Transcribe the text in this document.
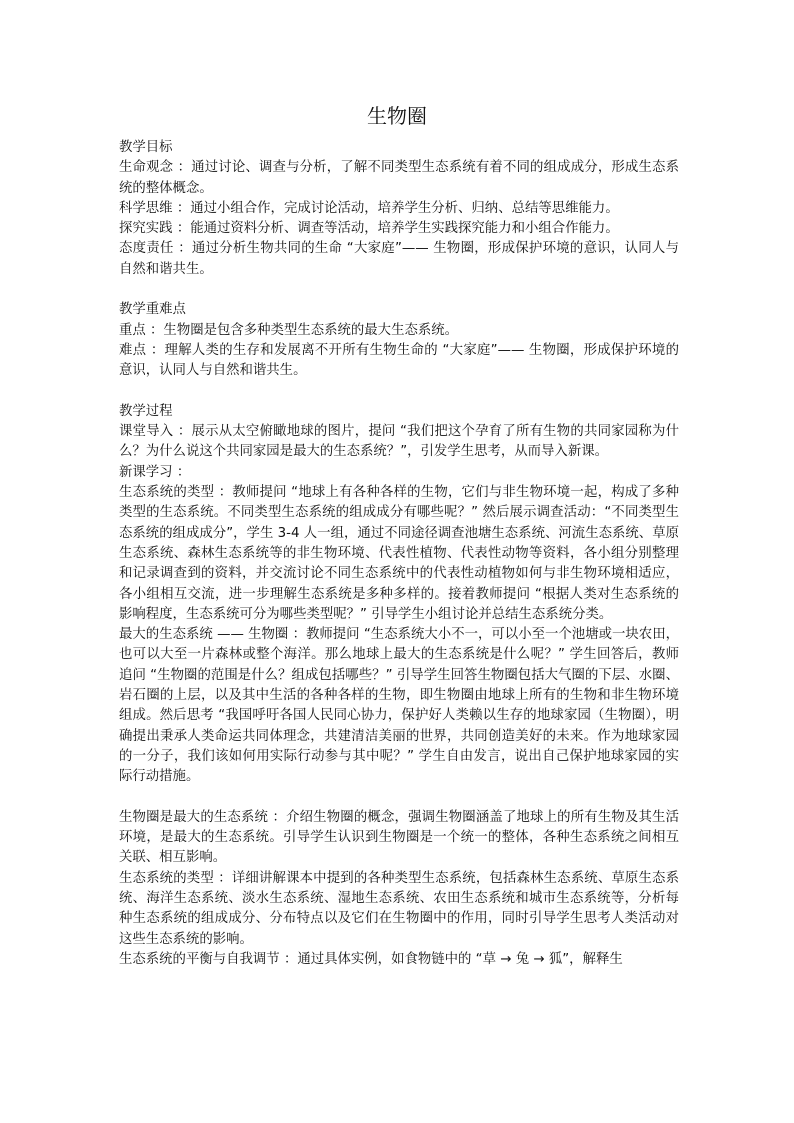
生物圈

教学目标

生命观念 ：通过讨论、调查与分析，了解不同类型生态系统有着不同的组成成分，形成生态系统的整体概念。

科学思维 ：通过小组合作，完成讨论活动，培养学生分析、归纳、总结等思维能力。

探究实践 ：能通过资料分析、调查等活动，培养学生实践探究能力和小组合作能力。

态度责任 ：通过分析生物共同的生命 “大家庭”—— 生物圈，形成保护环境的意识，认同人与自然和谐共生。

教学重难点

重点 ：生物圈是包含多种类型生态系统的最大生态系统。

难点 ：理解人类的生存和发展离不开所有生物生命的 “大家庭”—— 生物圈，形成保护环境的意识，认同人与自然和谐共生。

教学过程

课堂导入 ：展示从太空俯瞰地球的图片，提问 “我们把这个孕育了所有生物的共同家园称为什么？为什么说这个共同家园是最大的生态系统？”，引发学生思考，从而导入新课。

新课学习 ：

生态系统的类型 ：教师提问 “地球上有各种各样的生物，它们与非生物环境一起，构成了多种类型的生态系统。不同类型生态系统的组成成分有哪些呢？” 然后展示调查活动：“不同类型生态系统的组成成分”，学生 3-4 人一组，通过不同途径调查池塘生态系统、河流生态系统、草原生态系统、森林生态系统等的非生物环境、代表性植物、代表性动物等资料，各小组分别整理和记录调查到的资料，并交流讨论不同生态系统中的代表性动植物如何与非生物环境相适应，各小组相互交流，进一步理解生态系统是多种多样的。接着教师提问 “根据人类对生态系统的影响程度，生态系统可分为哪些类型呢？” 引导学生小组讨论并总结生态系统分类。

最大的生态系统 —— 生物圈 ：教师提问 “生态系统大小不一，可以小至一个池塘或一块农田，也可以大至一片森林或整个海洋。那么地球上最大的生态系统是什么呢？” 学生回答后，教师追问 “生物圈的范围是什么？组成包括哪些？” 引导学生回答生物圈包括大气圈的下层、水圈、岩石圈的上层，以及其中生活的各种各样的生物，即生物圈由地球上所有的生物和非生物环境组成。然后思考 “我国呼吁各国人民同心协力，保护好人类赖以生存的地球家园（生物圈），明确提出秉承人类命运共同体理念，共建清洁美丽的世界，共同创造美好的未来。作为地球家园的一分子，我们该如何用实际行动参与其中呢？” 学生自由发言，说出自己保护地球家园的实际行动措施。

生物圈是最大的生态系统 ：介绍生物圈的概念，强调生物圈涵盖了地球上的所有生物及其生活环境，是最大的生态系统。引导学生认识到生物圈是一个统一的整体，各种生态系统之间相互关联、相互影响。

生态系统的类型 ：详细讲解课本中提到的各种类型生态系统，包括森林生态系统、草原生态系统、海洋生态系统、淡水生态系统、湿地生态系统、农田生态系统和城市生态系统等，分析每种生态系统的组成成分、分布特点以及它们在生物圈中的作用，同时引导学生思考人类活动对这些生态系统的影响。

生态系统的平衡与自我调节 ：通过具体实例，如食物链中的 “草 → 兔 → 狐”，解释生
